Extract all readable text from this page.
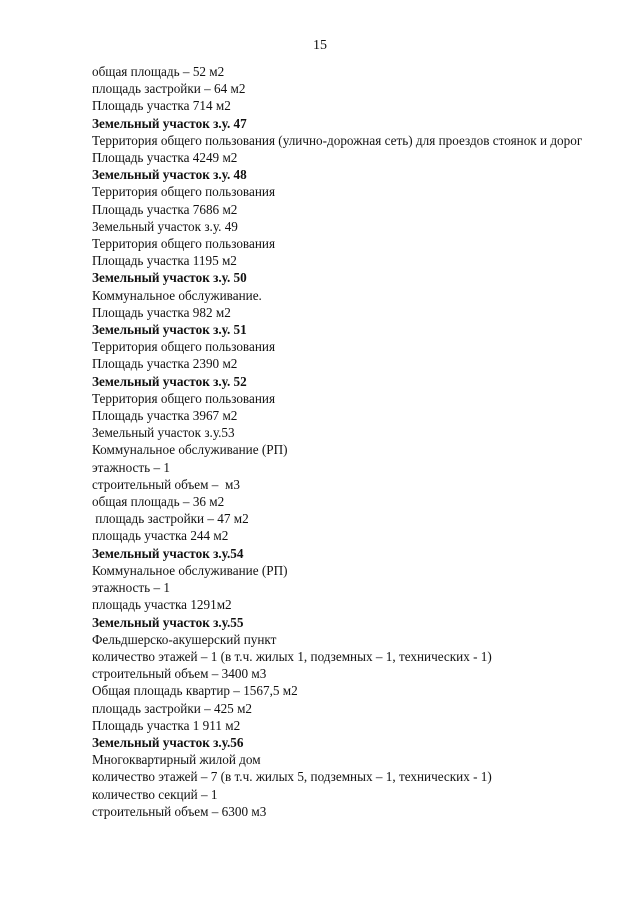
15

общая площадь – 52 м2

площадь застройки – 64 м2

Площадь участка 714 м2

Земельный участок з.у. 47

Территория общего пользования (улично-дорожная сеть) для проездов стоянок и дорог

Площадь участка 4249 м2

Земельный участок з.у. 48

Территория общего пользования

Площадь участка 7686 м2

Земельный участок з.у. 49

Территория общего пользования

Площадь участка 1195 м2

Земельный участок з.у. 50

Коммунальное обслуживание.

Площадь участка 982 м2

Земельный участок з.у. 51

Территория общего пользования

Площадь участка 2390 м2

Земельный участок з.у. 52

Территория общего пользования

Площадь участка 3967 м2

Земельный участок з.у.53

Коммунальное обслуживание (РП)

этажность – 1

строительный объем –  м3

общая площадь – 36 м2

площадь застройки – 47 м2

площадь участка 244 м2

Земельный участок з.у.54

Коммунальное обслуживание (РП)

этажность – 1

площадь участка 1291м2

Земельный участок з.у.55

Фельдшерско-акушерский пункт

количество этажей – 1 (в т.ч. жилых 1, подземных – 1, технических - 1)

строительный объем – 3400 м3

Общая площадь квартир – 1567,5 м2

площадь застройки – 425 м2

Площадь участка 1 911 м2

Земельный участок з.у.56

Многоквартирный жилой дом

количество этажей – 7 (в т.ч. жилых 5, подземных – 1, технических - 1)

количество секций – 1

строительный объем – 6300 м3
